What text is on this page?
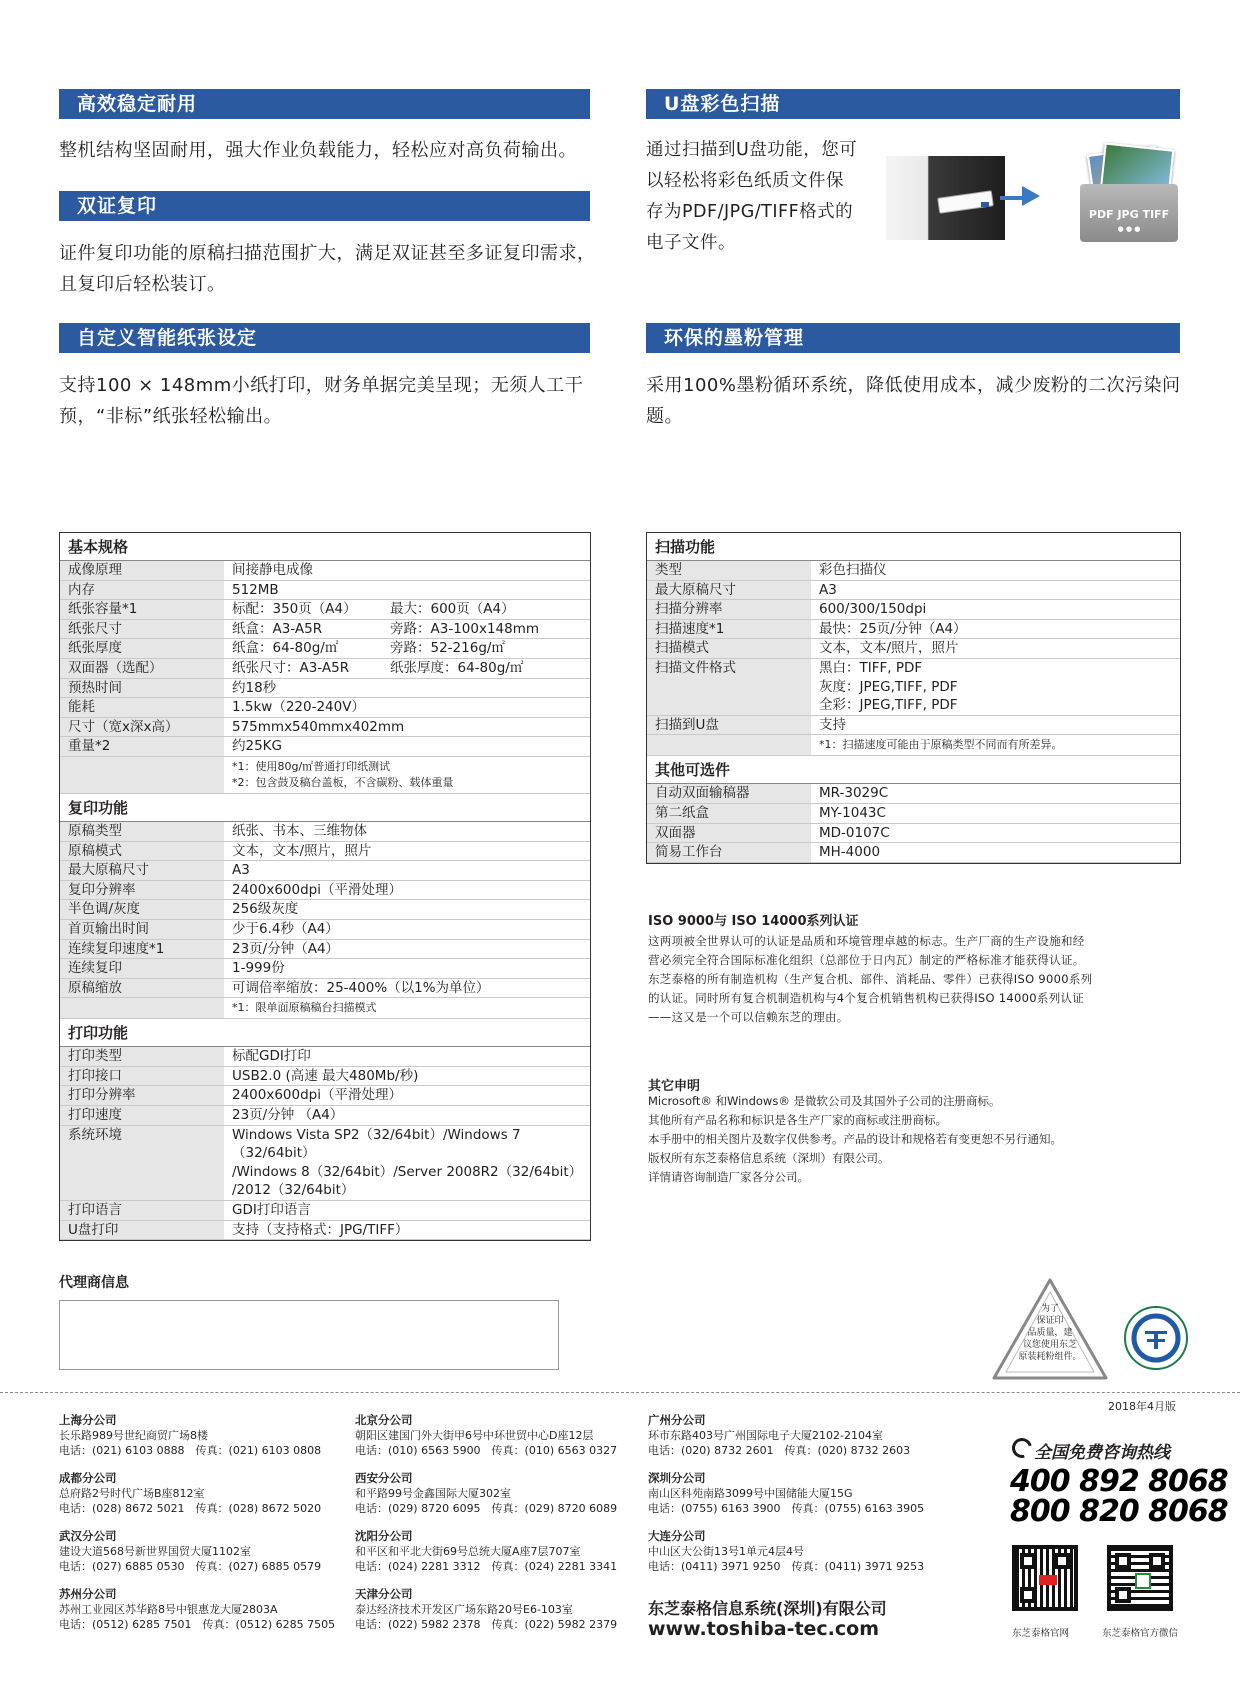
高效稳定耐用
整机结构坚固耐用，强大作业负载能力，轻松应对高负荷输出。
双证复印
证件复印功能的原稿扫描范围扩大，满足双证甚至多证复印需求，且复印后轻松装订。
自定义智能纸张设定
支持100 × 148mm小纸打印，财务单据完美呈现；无须人工干预，“非标”纸张轻松输出。
U盘彩色扫描
通过扫描到U盘功能，您可以轻松将彩色纸质文件保存为PDF/JPG/TIFF格式的电子文件。
PDF JPG TIFF
● ● ●
环保的墨粉管理
采用100%墨粉循环系统，降低使用成本，减少废粉的二次污染问题。
基本规格
成像原理	间接静电成像
内存	512MB
纸张容量*1	标配：350页（A4）	最大：600页（A4）
纸张尺寸	纸盒：A3-A5R	旁路：A3-100x148mm
纸张厚度	纸盒：64-80g/㎡	旁路：52-216g/㎡
双面器（选配）	纸张尺寸：A3-A5R	纸张厚度：64-80g/㎡
预热时间	约18秒
能耗	1.5kw（220-240V）
尺寸（宽x深x高）	575mmx540mmx402mm
重量*2	约25KG
*1：使用80g/㎡普通打印纸测试
*2：包含鼓及稿台盖板，不含碳粉、载体重量
复印功能
原稿类型	纸张、书本、三维物体
原稿模式	文本，文本/照片，照片
最大原稿尺寸	A3
复印分辨率	2400x600dpi（平滑处理）
半色调/灰度	256级灰度
首页输出时间	少于6.4秒（A4）
连续复印速度*1	23页/分钟（A4）
连续复印	1-999份
原稿缩放	可调倍率缩放：25-400%（以1%为单位）
*1：限单面原稿稿台扫描模式
打印功能
打印类型	标配GDI打印
打印接口	USB2.0 (高速 最大480Mb/秒)
打印分辨率	2400x600dpi（平滑处理）
打印速度	23页/分钟 （A4）
系统环境	Windows Vista SP2（32/64bit）/Windows 7（32/64bit）
/Windows 8（32/64bit）/Server 2008R2（32/64bit）
/2012（32/64bit）
打印语言	GDI打印语言
U盘打印	支持（支持格式：JPG/TIFF）
扫描功能
类型	彩色扫描仪
最大原稿尺寸	A3
扫描分辨率	600/300/150dpi
扫描速度*1	最快：25页/分钟（A4）
扫描模式	文本，文本/照片，照片
扫描文件格式	黑白：TIFF, PDF
灰度：JPEG,TIFF, PDF
全彩：JPEG,TIFF, PDF
扫描到U盘	支持
*1：扫描速度可能由于原稿类型不同而有所差异。
其他可选件
自动双面输稿器	MR-3029C
第二纸盒	MY-1043C
双面器	MD-0107C
简易工作台	MH-4000
ISO 9000与 ISO 14000系列认证
这两项被全世界认可的认证是品质和环境管理卓越的标志。生产厂商的生产设施和经营必须完全符合国际标准化组织（总部位于日内瓦）制定的严格标准才能获得认证。东芝泰格的所有制造机构（生产复合机、部件、消耗品、零件）已获得ISO 9000系列的认证。同时所有复合机制造机构与4个复合机销售机构已获得ISO 14000系列认证——这又是一个可以信赖东芝的理由。
其它申明
Microsoft® 和Windows® 是微软公司及其国外子公司的注册商标。
其他所有产品名称和标识是各生产厂家的商标或注册商标。
本手册中的相关图片及数字仅供参考。产品的设计和规格若有变更恕不另行通知。
版权所有东芝泰格信息系统（深圳）有限公司。
详情请咨询制造厂家各分公司。
代理商信息
为了
保证印
品质量，建
议您使用东芝
原装耗粉组件。
2018年4月版
上海分公司
长乐路989号世纪商贸广场8楼
电话：(021) 6103 0888　传真：(021) 6103 0808
成都分公司
总府路2号时代广场B座812室
电话：(028) 8672 5021　传真：(028) 8672 5020
武汉分公司
建设大道568号新世界国贸大厦1102室
电话：(027) 6885 0530　传真：(027) 6885 0579
苏州分公司
苏州工业园区苏华路8号中银惠龙大厦2803A
电话：(0512) 6285 7501　传真：(0512) 6285 7505
北京分公司
朝阳区建国门外大街甲6号中环世贸中心D座12层
电话：(010) 6563 5900　传真：(010) 6563 0327
西安分公司
和平路99号金鑫国际大厦302室
电话：(029) 8720 6095　传真：(029) 8720 6089
沈阳分公司
和平区和平北大街69号总统大厦A座7层707室
电话：(024) 2281 3312　传真：(024) 2281 3341
天津分公司
泰达经济技术开发区广场东路20号E6-103室
电话：(022) 5982 2378　传真：(022) 5982 2379
广州分公司
环市东路403号广州国际电子大厦2102-2104室
电话：(020) 8732 2601　传真：(020) 8732 2603
深圳分公司
南山区科苑南路3099号中国储能大厦15G
电话：(0755) 6163 3900　传真：(0755) 6163 3905
大连分公司
中山区大公街13号1单元4层4号
电话：(0411) 3971 9250　传真：(0411) 3971 9253
东芝泰格信息系统(深圳)有限公司
www.toshiba-tec.com
全国免费咨询热线
400 892 8068
800 820 8068
东芝泰格官网	东芝泰格官方微信
